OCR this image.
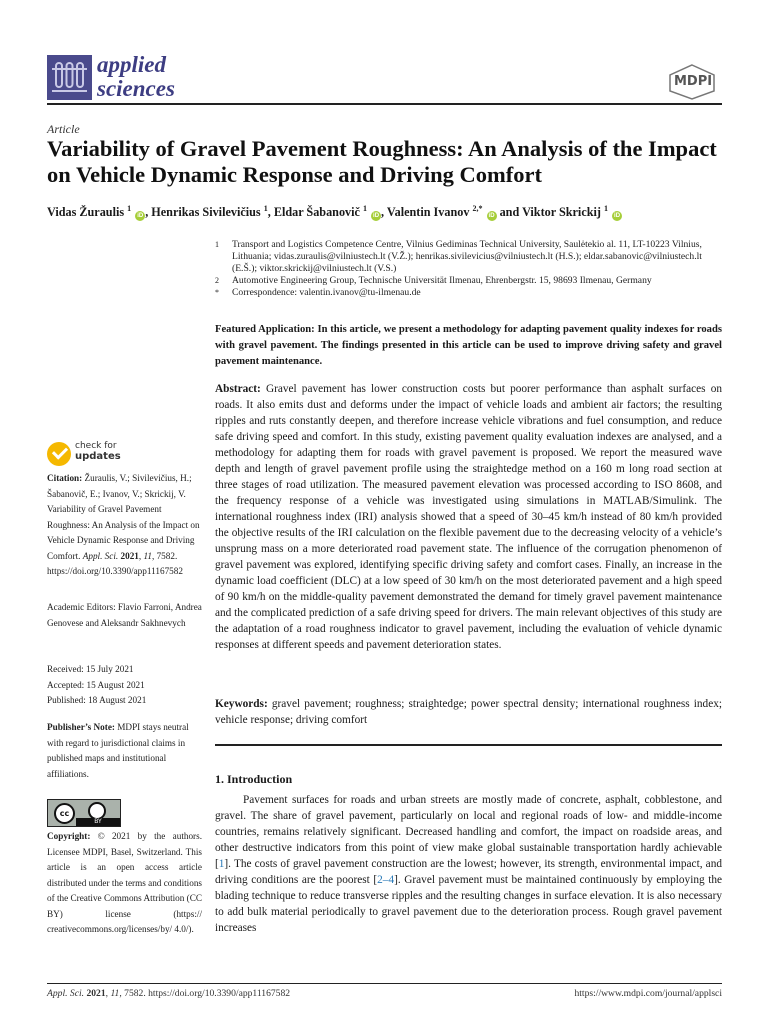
applied
sciences	MDPI
Article
Variability of Gravel Pavement Roughness: An Analysis of the Impact on Vehicle Dynamic Response and Driving Comfort
Vidas Žuraulis $^1$ iD , Henrikas Sivilevičius $^1$, Eldar Šabanovič $^1$ iD , Valentin Ivanov $^{2,*}$ iD and Viktor Skrickij $^1$ iD
1	Transport and Logistics Competence Centre, Vilnius Gediminas Technical University, Saulėtekio al. 11, LT-10223 Vilnius, Lithuania; vidas.zuraulis@vilniustech.lt (V.Ž.); henrikas.sivilevicius@vilniustech.lt (H.S.); eldar.sabanovic@vilniustech.lt (E.Š.); viktor.skrickij@vilniustech.lt (V.S.)
2	Automotive Engineering Group, Technische Universität Ilmenau, Ehrenbergstr. 15, 98693 Ilmenau, Germany
*	Correspondence: valentin.ivanov@tu-ilmenau.de
Featured Application: In this article, we present a methodology for adapting pavement quality indexes for roads with gravel pavement. The findings presented in this article can be used to improve driving safety and gravel pavement maintenance.
Abstract: Gravel pavement has lower construction costs but poorer performance than asphalt surfaces on roads. It also emits dust and deforms under the impact of vehicle loads and ambient air factors; the resulting ripples and ruts constantly deepen, and therefore increase vehicle vibrations and fuel consumption, and reduce safe driving speed and comfort. In this study, existing pavement quality evaluation indexes are analysed, and a methodology for adapting them for roads with gravel pavement is proposed. We report the measured wave depth and length of gravel pavement profile using the straightedge method on a 160 m long road section at three stages of road utilization. The measured pavement elevation was processed according to ISO 8608, and the frequency response of a vehicle was investigated using simulations in MATLAB/Simulink. The international roughness index (IRI) analysis showed that a speed of 30–45 km/h instead of 80 km/h provided the objective results of the IRI calculation on the flexible pavement due to the decreasing velocity of a vehicle’s unsprung mass on a more deteriorated road pavement state. The influence of the corrugation phenomenon of gravel pavement was explored, identifying specific driving safety and comfort cases. Finally, an increase in the dynamic load coefficient (DLC) at a low speed of 30 km/h on the most deteriorated pavement and a high speed of 90 km/h on the middle-quality pavement demonstrated the demand for timely gravel pavement maintenance and the complicated prediction of a safe driving speed for drivers. The main relevant objectives of this study are the adaptation of a road roughness indicator to gravel pavement, including the evaluation of vehicle dynamic responses at different speeds and pavement deterioration states.
Keywords: gravel pavement; roughness; straightedge; power spectral density; international roughness index; vehicle response; driving comfort
1. Introduction
Pavement surfaces for roads and urban streets are mostly made of concrete, asphalt, cobblestone, and gravel. The share of gravel pavement, particularly on local and regional roads of low- and middle-income countries, remains relatively significant. Decreased handling and comfort, the impact on roadside areas, and other destructive indicators from this point of view make global sustainable transportation hardly achievable [1]. The costs of gravel pavement construction are the lowest; however, its strength, environmental impact, and driving conditions are the poorest [2–4]. Gravel pavement must be maintained continuously by employing the blading technique to reduce transverse ripples and the resulting changes in surface elevation. It is also necessary to add bulk material periodically to gravel pavement due to the deterioration process. Rough gravel pavement increases
check for
updates
Citation: Žuraulis, V.; Sivilevičius, H.; Šabanovič, E.; Ivanov, V.; Skrickij, V. Variability of Gravel Pavement Roughness: An Analysis of the Impact on Vehicle Dynamic Response and Driving Comfort. Appl. Sci. 2021, 11, 7582. https://doi.org/10.3390/app11167582
Academic Editors: Flavio Farroni, Andrea Genovese and Aleksandr Sakhnevych
Received: 15 July 2021
Accepted: 15 August 2021
Published: 18 August 2021
Publisher’s Note: MDPI stays neutral with regard to jurisdictional claims in published maps and institutional affiliations.
cc
BY
Copyright: © 2021 by the authors. Licensee MDPI, Basel, Switzerland. This article is an open access article distributed under the terms and conditions of the Creative Commons Attribution (CC BY) license (https:// creativecommons.org/licenses/by/ 4.0/).
Appl. Sci. 2021, 11, 7582. https://doi.org/10.3390/app11167582	https://www.mdpi.com/journal/applsci
